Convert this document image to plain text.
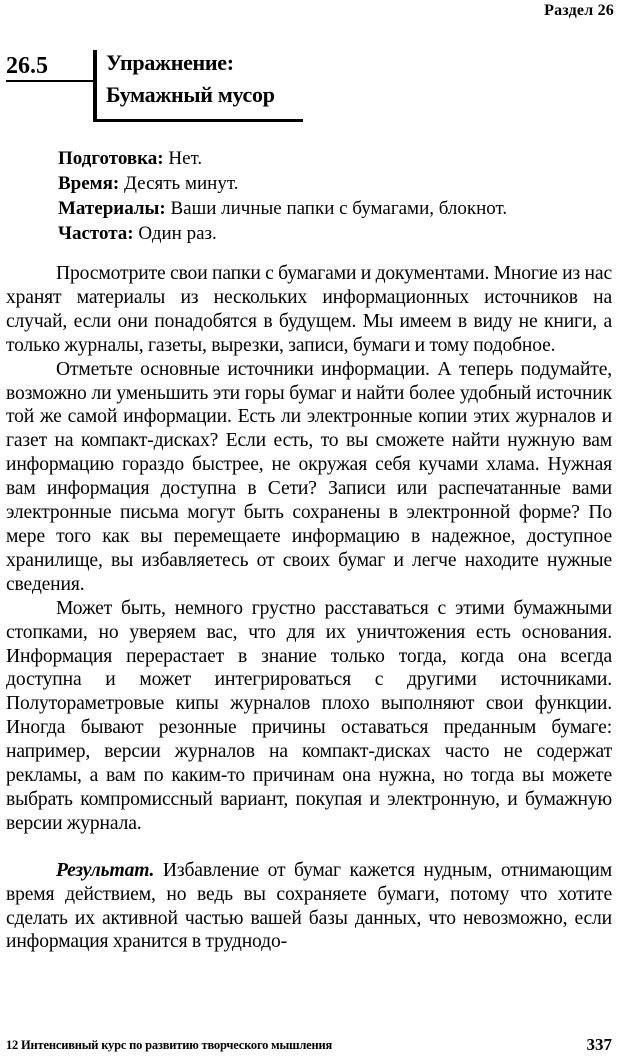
Раздел 26
26.5	Упражнение:
Бумажный мусор
Подготовка: Нет.
Время: Десять минут.
Материалы: Ваши личные папки с бумагами, блокнот.
Частота: Один раз.

Просмотрите свои папки с бумагами и документами. Многие из нас хранят материалы из нескольких информационных источников на случай, если они понадобятся в будущем. Мы имеем в виду не книги, а только журналы, газеты, вырезки, записи, бумаги и тому подобное.

Отметьте основные источники информации. А теперь подумайте, возможно ли уменьшить эти горы бумаг и найти более удобный источник той же самой информации. Есть ли электронные копии этих журналов и газет на компакт-дисках? Если есть, то вы сможете найти нужную вам информацию гораздо быстрее, не окружая себя кучами хлама. Нужная вам информация доступна в Сети? Записи или распечатанные вами электронные письма могут быть сохранены в электронной форме? По мере того как вы перемещаете информацию в надежное, доступное хранилище, вы избавляетесь от своих бумаг и легче находите нужные сведения.

Может быть, немного грустно расставаться с этими бумажными стопками, но уверяем вас, что для их уничтожения есть основания. Информация перерастает в знание только тогда, когда она всегда доступна и может интегрироваться с другими источниками. Полутораметровые кипы журналов плохо выполняют свои функции. Иногда бывают резонные причины оставаться преданным бумаге: например, версии журналов на компакт-дисках часто не содержат рекламы, а вам по каким-то причинам она нужна, но тогда вы можете выбрать компромиссный вариант, покупая и электронную, и бумажную версии журнала.

Результат. Избавление от бумаг кажется нудным, отнимающим время действием, но ведь вы сохраняете бумаги, потому что хотите сделать их активной частью вашей базы данных, что невозможно, если информация хранится в труднодо-

12 Интенсивный курс по развитию творческого мышления	337
